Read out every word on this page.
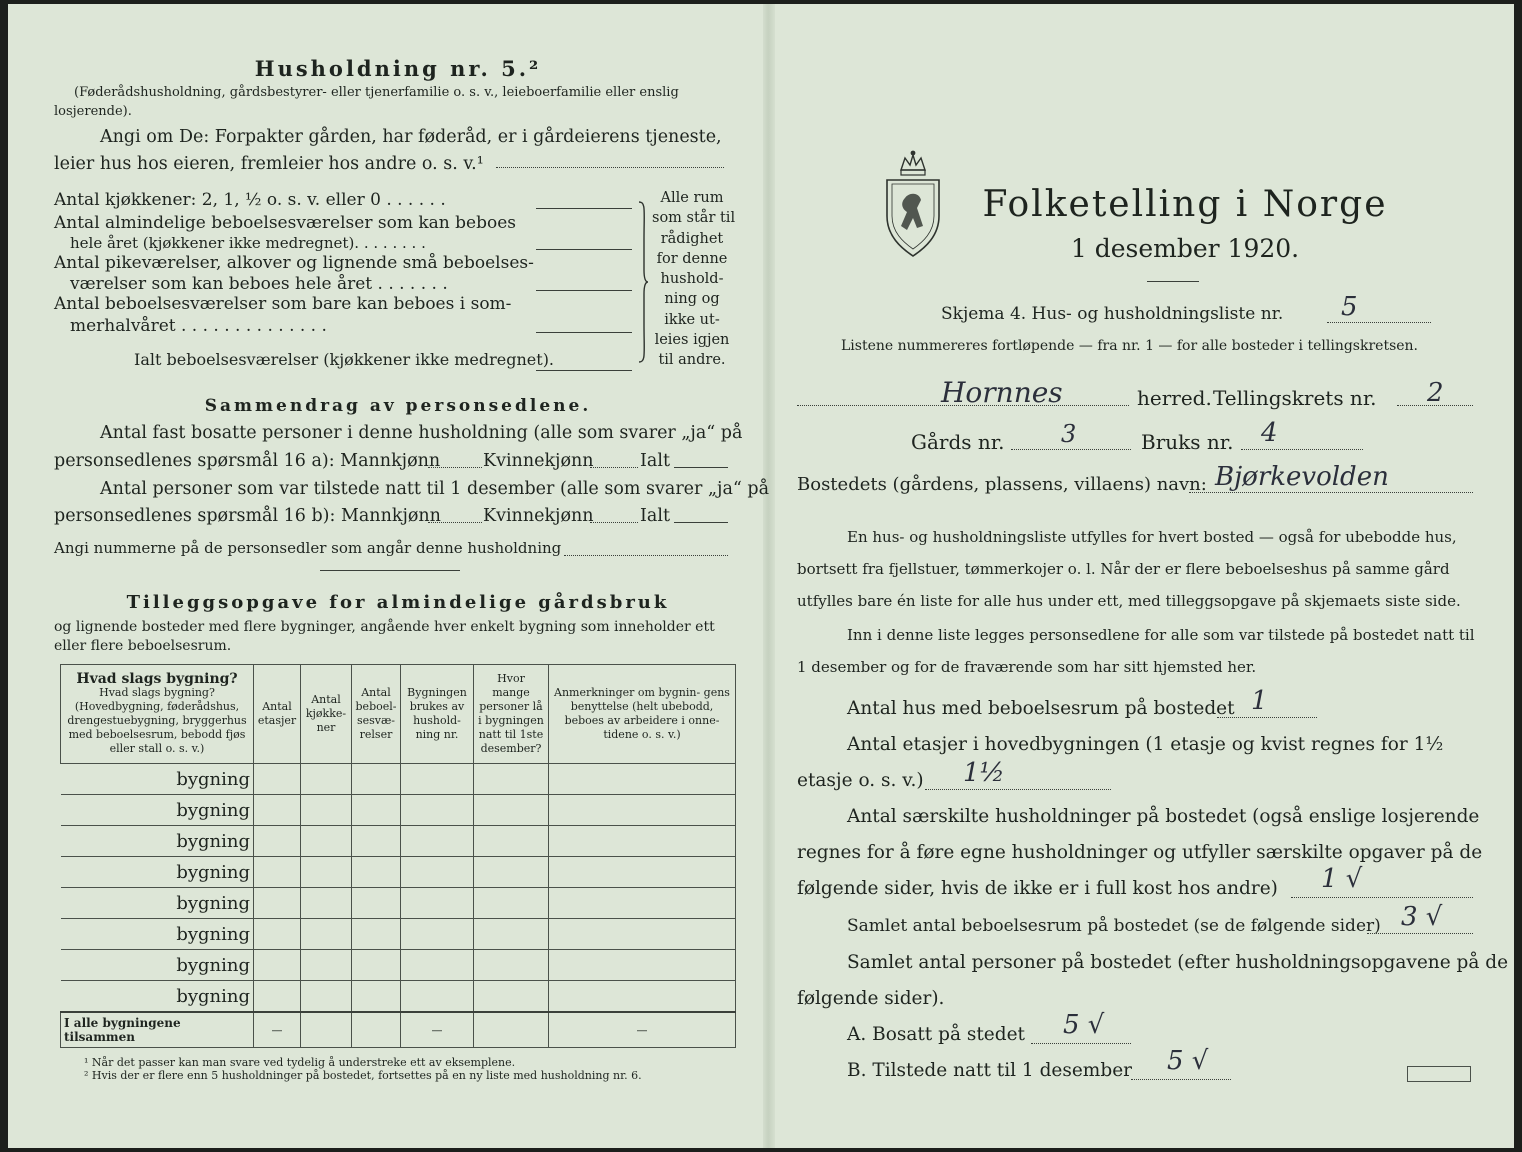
Husholdning nr. 5.²
(Føderådshusholdning, gårdsbestyrer- eller tjenerfamilie o. s. v., leieboerfamilie eller enslig losjerende).
Angi om De: Forpakter gården, har føderåd, er i gårdeierens tjeneste,
leier hus hos eieren, fremleier hos andre o. s. v.¹
Antal kjøkkener: 2, 1, ½ o. s. v. eller 0 . . . . . .
Antal almindelige beboelsesværelser som kan beboes
hele året (kjøkkener ikke medregnet). . . . . . . .
Antal pikeværelser, alkover og lignende små beboelses-
værelser som kan beboes hele året . . . . . . .
Antal beboelsesværelser som bare kan beboes i som-
merhalvåret . . . . . . . . . . . . . .
Ialt beboelsesværelser (kjøkkener ikke medregnet).
Alle rum
som står til
rådighet
for denne
hushold-
ning og
ikke ut-
leies igjen
til andre.
Sammendrag av personsedlene.
Antal fast bosatte personer i denne husholdning (alle som svarer „ja“ på
personsedlenes spørsmål 16 a): Mannkjønn Kvinnekjønn	Ialt
Antal personer som var tilstede natt til 1 desember (alle som svarer „ja“ på
personsedlenes spørsmål 16 b): Mannkjønn Kvinnekjønn	Ialt
Angi nummerne på de personsedler som angår denne husholdning
Tilleggsopgave for almindelige gårdsbruk
og lignende bosteder med flere bygninger, angående hver enkelt bygning som inneholder ett eller flere beboelsesrum.
Hvad slags bygning?
Hvad slags bygning? (Hovedbygning, føderådshus, drengestuebygning, bryggerhus med beboelsesrum, bebodd fjøs eller stall o. s. v.)	Antal etasjer	Antal kjøkke- ner	Antal beboel- sesvæ- relser	Bygningen brukes av hushold- ning nr.	Hvor mange personer lå i bygningen natt til 1ste desember?	Anmerkninger om bygnin- gens benyttelse (helt ubebodd, beboes av arbeidere i onne- tidene o. s. v.)
bygning						
bygning						
bygning						
bygning						
bygning						
bygning						
bygning						
bygning						
I alle bygningene tilsammen	—			—		—
¹ Når det passer kan man svare ved tydelig å understreke ett av eksemplene.
² Hvis der er flere enn 5 husholdninger på bostedet, fortsettes på en ny liste med husholdning nr. 6.
Folketelling i Norge
1 desember 1920.
Skjema 4. Hus- og husholdningsliste nr. 5
Listene nummereres fortløpende — fra nr. 1 — for alle bosteder i tellingskretsen.
Hornnes	herred. Tellingskrets nr. 2
Gårds nr. 3	Bruks nr. 4
Bostedets (gårdens, plassens, villaens) navn: Bjørkevolden
En hus- og husholdningsliste utfylles for hvert bosted — også for ubebodde hus,
bortsett fra fjellstuer, tømmerkojer o. l. Når der er flere beboelseshus på samme gård
utfylles bare én liste for alle hus under ett, med tilleggsopgave på skjemaets siste side.
Inn i denne liste legges personsedlene for alle som var tilstede på bostedet natt til
1 desember og for de fraværende som har sitt hjemsted her.
Antal hus med beboelsesrum på bostedet 1
Antal etasjer i hovedbygningen (1 etasje og kvist regnes for 1½
etasje o. s. v.) 1½
Antal særskilte husholdninger på bostedet (også enslige losjerende
regnes for å føre egne husholdninger og utfyller særskilte opgaver på de
følgende sider, hvis de ikke er i full kost hos andre) 1 √
Samlet antal beboelsesrum på bostedet (se de følgende sider) 3 √
Samlet antal personer på bostedet (efter husholdningsopgavene på de
følgende sider).
A. Bosatt på stedet 5 √
B. Tilstede natt til 1 desember 5 √
